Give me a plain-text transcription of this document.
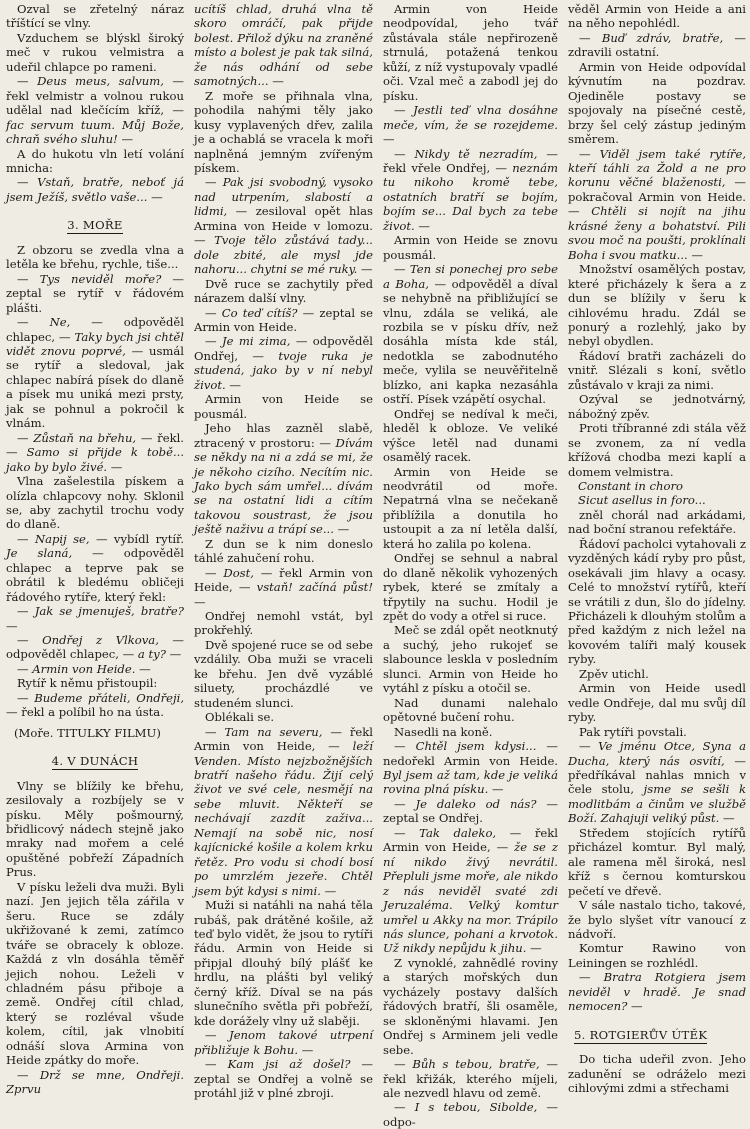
Ozval se zřetelný náraz tříštící se vlny.

Vzduchem se blýskl široký meč v rukou velmistra a udeřil chlapce po rameni.

— Deus meus, salvum, — řekl velmistr a volnou rukou udělal nad klečícím kříž, — fac servum tuum. Můj Bože, chraň svého sluhu! —

A do hukotu vln letí volání mnicha:

— Vstaň, bratře, neboť já jsem Ježíš, světlo vaše... —

3. MOŘE

Z obzoru se zvedla vlna a letěla ke břehu, rychle, tiše...

— Tys neviděl moře? — zeptal se rytíř v řádovém plášti.

— Ne, — odpověděl chlapec, — Taky bych jsi chtěl vidět znovu poprvé, — usmál se rytíř a sledoval, jak chlapec nabírá písek do dlaně a písek mu uniká mezi prsty, jak se pohnul a pokročil k vlnám.

— Zůstaň na břehu, — řekl. — Samo si přijde k tobě... jako by bylo živé. —

Vlna zašelestila pískem a olízla chlapcovy nohy. Sklonil se, aby zachytil trochu vody do dlaně.

— Napij se, — vybídl rytíř. Je slaná, — odpověděl chlapec a teprve pak se obrátil k bledému obličeji řádového rytíře, který řekl:

— Jak se jmenuješ, bratře? —

— Ondřej z Vlkova, — odpověděl chlapec, — a ty? —

— Armin von Heide. —

Rytíř k němu přistoupil:

— Budeme přáteli, Ondřeji, — řekl a políbil ho na ústa.

(Moře. TITULKY FILMU)

4. V DUNÁCH

Vlny se blížily ke břehu, zesilovaly a rozbíjely se v písku. Měly pošmourný, břidlicový nádech stejně jako mraky nad mořem a celé opuštěné pobřeží Západních Prus.

V písku leželi dva muži. Byli nazí. Jen jejich těla zářila v šeru. Ruce se zdály ukřižované k zemi, zatímco tváře se obracely k obloze. Každá z vln dosáhla těměř jejich nohou. Leželi v chladném pásu přiboje a země. Ondřej cítil chlad, který se rozléval všude kolem, cítil, jak vlnobití odnáší slova Armina von Heide zpátky do moře.

— Drž se mne, Ondřeji. Zprvu

ucítíš chlad, druhá vlna tě skoro omráčí, pak přijde bolest. Přilož dýku na zraněné místo a bolest je pak tak silná, že nás odhání od sebe samotných... —

Z moře se přihnala vlna, pohodila nahými těly jako kusy vyplavených dřev, zalila je a ochablá se vracela k moři naplněná jemným zvířeným pískem.

— Pak jsi svobodný, vysoko nad utrpením, slabostí a lidmi, — zesiloval opět hlas Armina von Heide v lomozu. — Tvoje tělo zůstává tady... dole zbité, ale mysl jde nahoru... chytni se mé ruky. —

Dvě ruce se zachytily před nárazem další vlny.

— Co teď cítíš? — zeptal se Armin von Heide.

— Je mi zima, — odpověděl Ondřej, — tvoje ruka je studená, jako by v ní nebyl život. —

Armin von Heide se pousmál.

Jeho hlas zazněl slabě, ztracený v prostoru: — Dívám se někdy na ni a zdá se mi, že je někoho cizího. Necítím nic. Jako bych sám umřel... dívám se na ostatní lidi a cítím takovou soustrast, že jsou ještě naživu a trápí se... —

Z dun se k nim doneslo táhlé zahučení rohu.

— Dost, — řekl Armin von Heide, — vstaň! začíná půst! —

Ondřej nemohl vstát, byl prokřehlý.

Dvě spojené ruce se od sebe vzdálily. Oba muži se vraceli ke břehu. Jen dvě vyzáblé siluety, procházdlé ve studeném slunci.

Oblékali se.

— Tam na severu, — řekl Armin von Heide, — leží Venden. Místo nejzbožnějších bratří našeho řádu. Žijí celý život ve své cele, nesmějí na sebe mluvit. Někteří se nechávají zazdít zaživa... Nemají na sobě nic, nosí kajícnické košile a kolem krku řetěz. Pro vodu si chodí bosí po umrzlém jezeře. Chtěl jsem být kdysi s nimi. —

Muži si natáhli na nahá těla rubáš, pak drátěné košile, až teď bylo vidět, že jsou to rytíři řádu. Armin von Heide si připjal dlouhý bílý plášť ke hrdlu, na plášti byl veliký černý kříž. Díval se na pás slunečního světla při pobřeží, kde dorážely vlny už slaběji.

— Jenom takové utrpení přibližuje k Bohu. —

— Kam jsi až došel? — zeptal se Ondřej a volně se protáhl již v plné zbroji.

Armin von Heide neodpovídal, jeho tvář zůstávala stále nepřirozeně strnulá, potažená tenkou kůží, z níž vystupovaly vpadlé oči. Vzal meč a zabodl jej do písku.

— Jestli teď vlna dosáhne meče, vím, že se rozejdeme. —

— Nikdy tě nezradím, — řekl vřele Ondřej, — neznám tu nikoho kromě tebe, ostatních bratří se bojím, bojím se... Dal bych za tebe život. —

Armin von Heide se znovu pousmál.

— Ten si ponechej pro sebe a Boha, — odpověděl a díval se nehybně na přibližující se vlnu, zdála se veliká, ale rozbila se v písku dřív, než dosáhla místa kde stál, nedotkla se zabodnutého meče, vylila se neuvěřitelně blízko, ani kapka nezasáhla ostří. Písek vzápětí osychal.

Ondřej se nedíval k meči, hleděl k obloze. Ve veliké výšce letěl nad dunami osamělý racek.

Armin von Heide se neodvrátil od moře. Nepatrná vlna se nečekaně přiblížila a donutila ho ustoupit a za ní letěla další, která ho zalila po kolena.

Ondřej se sehnul a nabral do dlaně několik vyhozených rybek, které se zmítaly a třpytily na suchu. Hodil je zpět do vody a otřel si ruce.

Meč se zdál opět neotknutý a suchý, jeho rukojeť se slabounce leskla v posledním slunci. Armin von Heide ho vytáhl z písku a otočil se.

Nad dunami nalehalo opětovné bučení rohu.

Nasedli na koně.

— Chtěl jsem kdysi... — nedořekl Armin von Heide. Byl jsem až tam, kde je veliká rovina plná písku. —

— Je daleko od nás? — zeptal se Ondřej.

— Tak daleko, — řekl Armin von Heide, — že se z ní nikdo živý nevrátil. Přepluli jsme moře, ale nikdo z nás neviděl svaté zdi Jeruzaléma. Velký komtur umřel u Akky na mor. Trápilo nás slunce, pohani a krvotok. Už nikdy nepůjdu k jihu. —

Z vynoklé, zahnědlé roviny a starých mořských dun vycházely postavy dalších řádových bratří, šli osaměle, se skloněnými hlavami. Jen Ondřej s Arminem jeli vedle sebe.

— Bůh s tebou, bratře, — řekl křižák, kterého míjeli, ale nezvedl hlavu od země.

— I s tebou, Sibolde, — odpo-

věděl Armin von Heide a ani na něho nepohlédl.

— Buď zdráv, bratře, — zdravili ostatní.

Armin von Heide odpovídal kývnutím na pozdrav. Ojediněle postavy se spojovaly na písečné cestě, brzy šel celý zástup jediným směrem.

— Viděl jsem také rytíře, kteří táhli za Žold a ne pro korunu věčné blaženosti, — pokračoval Armin von Heide. — Chtěli si nojít na jihu krásné ženy a bohatství. Pili svou moč na poušti, proklínali Boha i svou matku... —

Množství osamělých postav, které přicházely k šera a z dun se blížily v šeru k cihlovému hradu. Zdál se ponurý a rozlehlý, jako by nebyl obydlen.

Řádoví bratři zacházeli do vnitř. Slézali s koní, světlo zůstávalo v kraji za nimi.

Ozýval se jednotvárný, nábožný zpěv.

Proti tříbranné zdi stála věž se zvonem, za ní vedla křížová chodba mezi kaplí a domem velmistra.

Constant in choro

Sicut asellus in foro...

zněl chorál nad arkádami, nad boční stranou refektáře.

Řádoví pacholci vytahovali z vyzděných kádí ryby pro půst, osekávali jim hlavy a ocasy. Celé to množství rytířů, kteří se vrátili z dun, šlo do jídelny. Přicházeli k dlouhým stolům a před každým z nich ležel na kovovém talíři malý kousek ryby.

Zpěv utichl.

Armin von Heide usedl vedle Ondřeje, dal mu svůj díl ryby.

Pak rytíři povstali.

— Ve jménu Otce, Syna a Ducha, který nás osvítí, — předříkával nahlas mnich v čele stolu, jsme se sešli k modlitbám a činům ve službě Boží. Zahajuji veliký půst. —

Středem stojících rytířů přicházel komtur. Byl malý, ale ramena měl široká, nesl kříž s černou komturskou pečetí ve dřevě.

V sále nastalo ticho, takové, že bylo slyšet vítr vanoucí z nádvoří.

Komtur Rawino von Leiningen se rozhlédl.

— Bratra Rotgiera jsem neviděl v hradě. Je snad nemocen? —

5. ROTGIERŮV ÚTĚK

Do ticha udeřil zvon. Jeho zadunění se odráželo mezi cihlovými zdmi a střechami
